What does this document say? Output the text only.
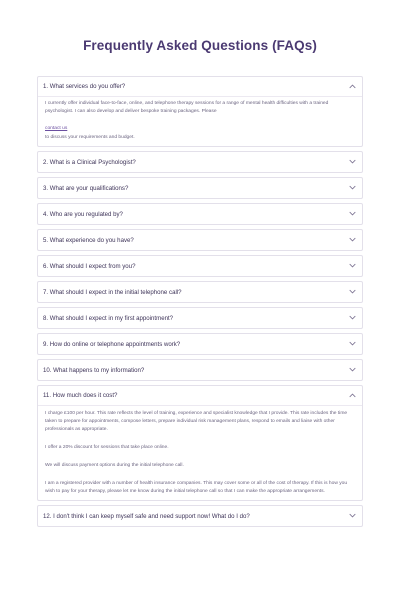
Frequently Asked Questions (FAQs)
1. What services do you offer?

I currently offer individual face-to-face, online, and telephone therapy sessions for a range of mental health difficulties with a trained psychologist. I can also develop and deliver bespoke training packages. Please

contact us

to discuss your requirements and budget.

2. What is a Clinical Psychologist?
3. What are your qualifications?
4. Who are you regulated by?
5. What experience do you have?
6. What should I expect from you?
7. What should I expect in the initial telephone call?
8. What should I expect in my first appointment?
9. How do online or telephone appointments work?
10. What happens to my information?
11. How much does it cost?

I charge £100 per hour. This rate reflects the level of training, experience and specialist knowledge that I provide. This rate includes the time taken to prepare for appointments, compose letters, prepare individual risk management plans, respond to emails and liaise with other professionals as appropriate.

I offer a 20% discount for sessions that take place online.

We will discuss payment options during the initial telephone call.

I am a registered provider with a number of health insurance companies. This may cover some or all of the cost of therapy. If this is how you wish to pay for your therapy, please let me know during the initial telephone call so that I can make the appropriate arrangements.

12. I don't think I can keep myself safe and need support now! What do I do?
